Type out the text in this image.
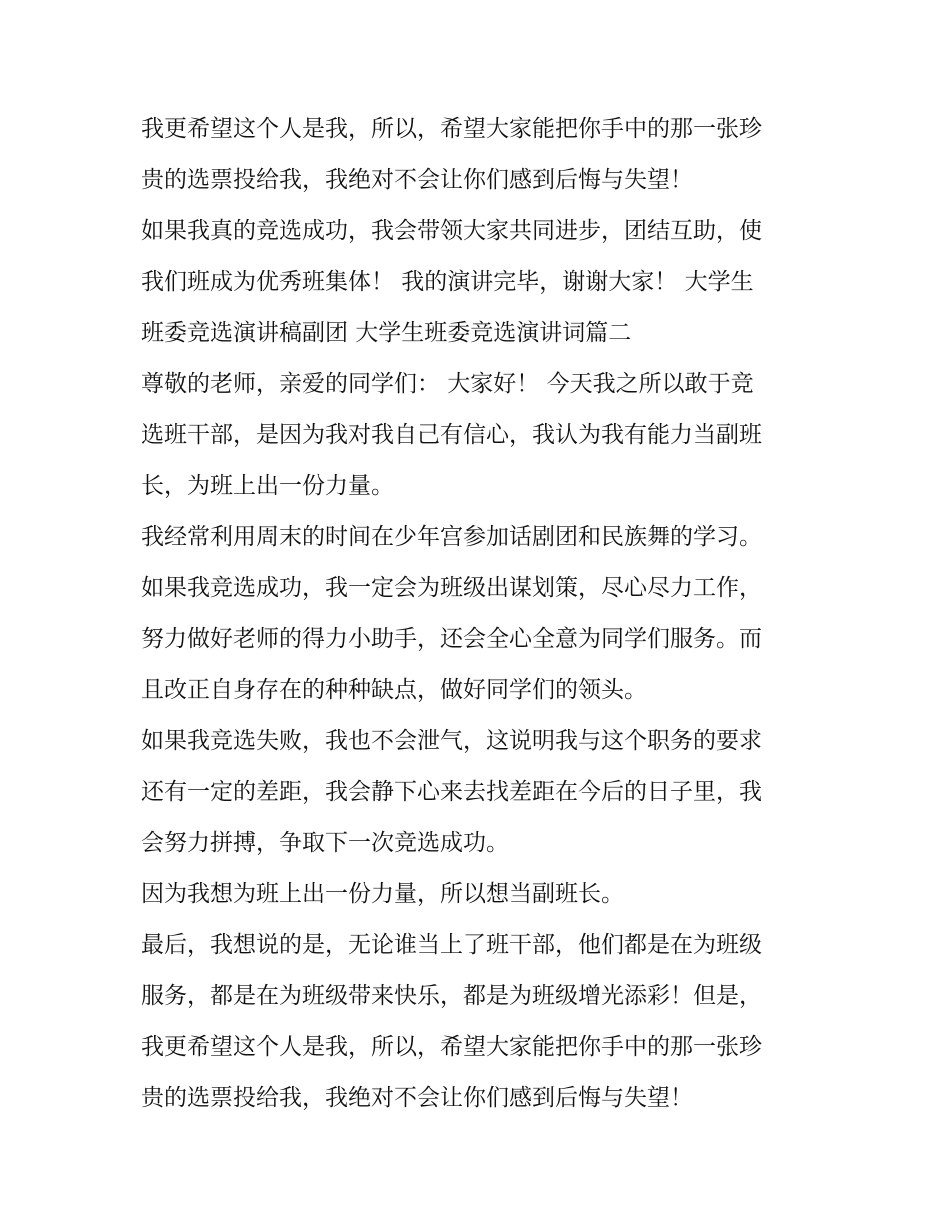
我更希望这个人是我，所以，希望大家能把你手中的那一张珍
贵的选票投给我，我绝对不会让你们感到后悔与失望！
如果我真的竞选成功，我会带领大家共同进步，团结互助，使
我们班成为优秀班集体！ 我的演讲完毕，谢谢大家！ 大学生
班委竞选演讲稿副团 大学生班委竞选演讲词篇二
尊敬的老师，亲爱的同学们： 大家好！ 今天我之所以敢于竞
选班干部，是因为我对我自己有信心，我认为我有能力当副班
长，为班上出一份力量。
我经常利用周末的时间在少年宫参加话剧团和民族舞的学习。
如果我竞选成功，我一定会为班级出谋划策，尽心尽力工作，
努力做好老师的得力小助手，还会全心全意为同学们服务。而
且改正自身存在的种种缺点，做好同学们的领头。
如果我竞选失败，我也不会泄气，这说明我与这个职务的要求
还有一定的差距，我会静下心来去找差距在今后的日子里，我
会努力拼搏，争取下一次竞选成功。
因为我想为班上出一份力量，所以想当副班长。
最后，我想说的是，无论谁当上了班干部，他们都是在为班级
服务，都是在为班级带来快乐，都是为班级增光添彩！但是，
我更希望这个人是我，所以，希望大家能把你手中的那一张珍
贵的选票投给我，我绝对不会让你们感到后悔与失望！
